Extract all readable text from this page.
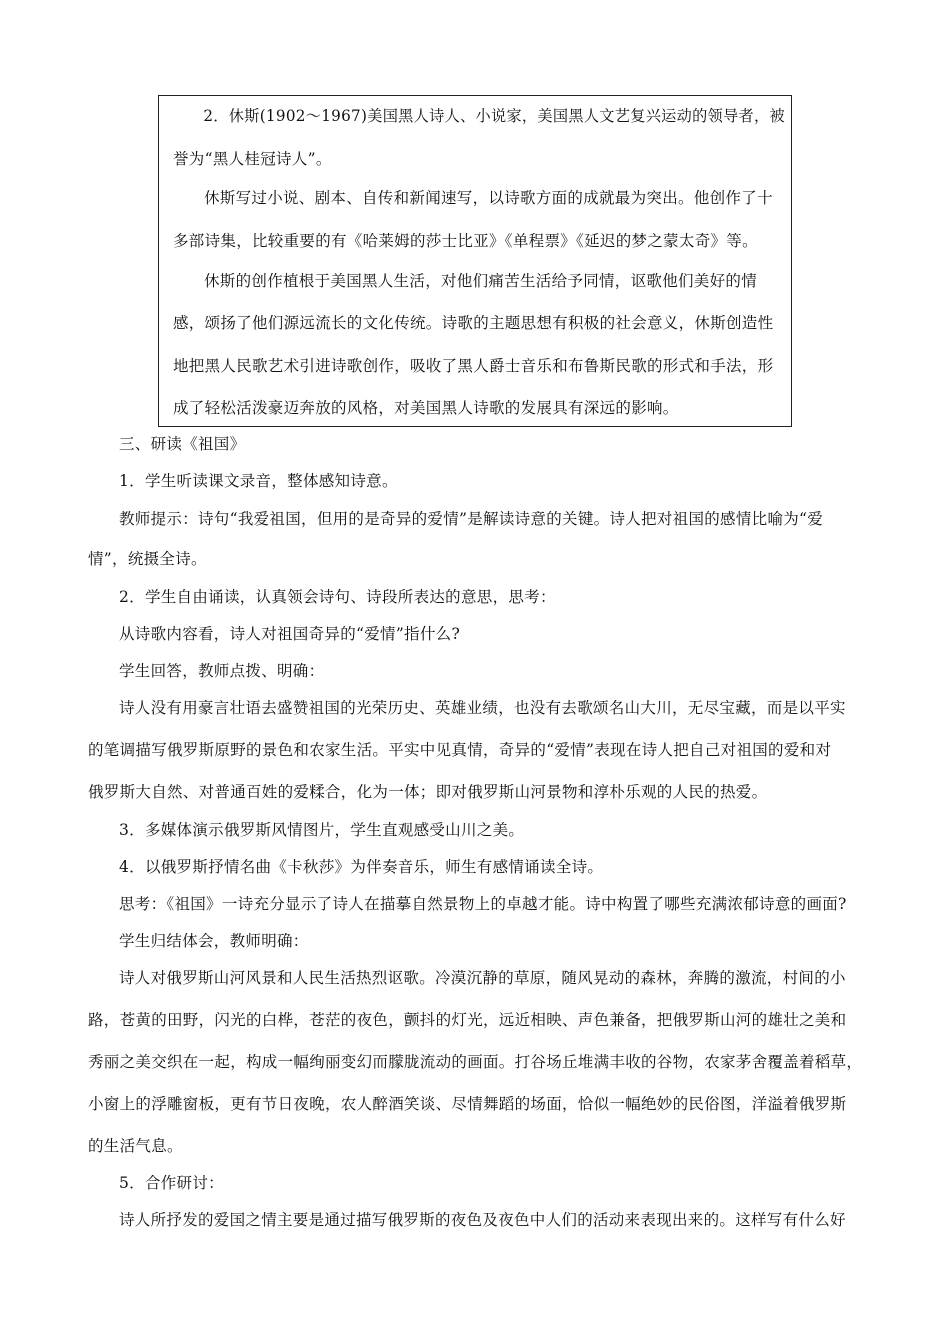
2．休斯(1902～1967)美国黑人诗人、小说家，美国黑人文艺复兴运动的领导者，被
誉为“黑人桂冠诗人”。
休斯写过小说、剧本、自传和新闻速写，以诗歌方面的成就最为突出。他创作了十
多部诗集，比较重要的有《哈莱姆的莎士比亚》《单程票》《延迟的梦之蒙太奇》等。
休斯的创作植根于美国黑人生活，对他们痛苦生活给予同情，讴歌他们美好的情
感，颂扬了他们源远流长的文化传统。诗歌的主题思想有积极的社会意义，休斯创造性
地把黑人民歌艺术引进诗歌创作，吸收了黑人爵士音乐和布鲁斯民歌的形式和手法，形
成了轻松活泼豪迈奔放的风格，对美国黑人诗歌的发展具有深远的影响。
三、研读《祖国》
1．学生听读课文录音，整体感知诗意。
教师提示：诗句“我爱祖国，但用的是奇异的爱情”是解读诗意的关键。诗人把对祖国的感情比喻为“爱
情”，统摄全诗。
2．学生自由诵读，认真领会诗句、诗段所表达的意思，思考：
从诗歌内容看，诗人对祖国奇异的“爱情”指什么?
学生回答，教师点拨、明确：
诗人没有用豪言壮语去盛赞祖国的光荣历史、英雄业绩，也没有去歌颂名山大川，无尽宝藏，而是以平实
的笔调描写俄罗斯原野的景色和农家生活。平实中见真情，奇异的“爱情”表现在诗人把自己对祖国的爱和对
俄罗斯大自然、对普通百姓的爱糅合，化为一体；即对俄罗斯山河景物和淳朴乐观的人民的热爱。
3．多媒体演示俄罗斯风情图片，学生直观感受山川之美。
4．以俄罗斯抒情名曲《卡秋莎》为伴奏音乐，师生有感情诵读全诗。
思考：《祖国》一诗充分显示了诗人在描摹自然景物上的卓越才能。诗中构置了哪些充满浓郁诗意的画面?
学生归结体会，教师明确：
诗人对俄罗斯山河风景和人民生活热烈讴歌。冷漠沉静的草原，随风晃动的森林，奔腾的激流，村间的小
路，苍黄的田野，闪光的白桦，苍茫的夜色，颤抖的灯光，远近相映、声色兼备，把俄罗斯山河的雄壮之美和
秀丽之美交织在一起，构成一幅绚丽变幻而朦胧流动的画面。打谷场丘堆满丰收的谷物，农家茅舍覆盖着稻草，
小窗上的浮雕窗板，更有节日夜晚，农人醉酒笑谈、尽情舞蹈的场面，恰似一幅绝妙的民俗图，洋溢着俄罗斯
的生活气息。
5．合作研讨：
诗人所抒发的爱国之情主要是通过描写俄罗斯的夜色及夜色中人们的活动来表现出来的。这样写有什么好
